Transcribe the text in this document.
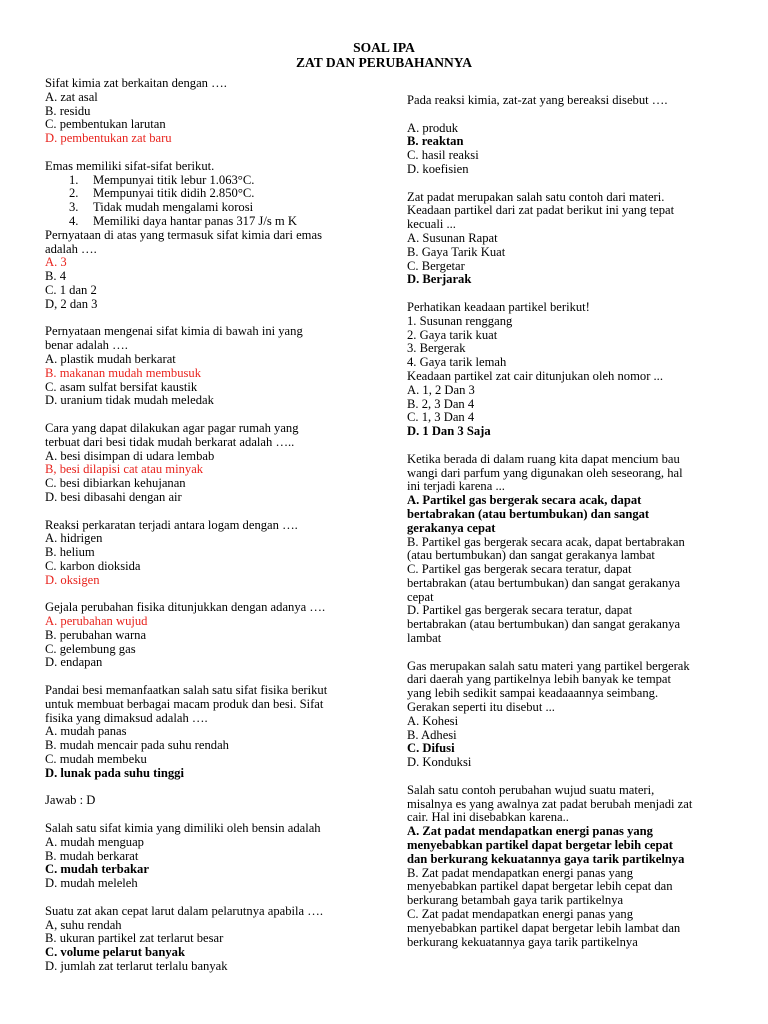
SOAL IPA
ZAT DAN PERUBAHANNYA
Sifat kimia zat berkaitan dengan ….
A. zat asal
B. residu
C. pembentukan larutan
D. pembentukan zat baru
Emas memiliki sifat-sifat berikut.
1. Mempunyai titik lebur 1.063°C.
2. Mempunyai titik didih 2.850°C.
3. Tidak mudah mengalami korosi
4. Memiliki daya hantar panas 317 J/s m K
Pernyataan di atas yang termasuk sifat kimia dari emas
adalah ….
A. 3
B. 4
C. 1 dan 2
D, 2 dan 3
Pernyataan mengenai sifat kimia di bawah ini yang
benar adalah ….
A. plastik mudah berkarat
B. makanan mudah membusuk
C. asam sulfat bersifat kaustik
D. uranium tidak mudah meledak
Cara yang dapat dilakukan agar pagar rumah yang
terbuat dari besi tidak mudah berkarat adalah …..
A. besi disimpan di udara lembab
B, besi dilapisi cat atau minyak
C. besi dibiarkan kehujanan
D. besi dibasahi dengan air
Reaksi perkaratan terjadi antara logam dengan ….
A. hidrigen
B. helium
C. karbon dioksida
D. oksigen
Gejala perubahan fisika ditunjukkan dengan adanya ….
A. perubahan wujud
B. perubahan warna
C. gelembung gas
D. endapan
Pandai besi memanfaatkan salah satu sifat fisika berikut
untuk membuat berbagai macam produk dan besi. Sifat
fisika yang dimaksud adalah ….
A. mudah panas
B. mudah mencair pada suhu rendah
C. mudah membeku
D. lunak pada suhu tinggi
Jawab : D
Salah satu sifat kimia yang dimiliki oleh bensin adalah
A. mudah menguap
B. mudah berkarat
C. mudah terbakar
D. mudah meleleh
Suatu zat akan cepat larut dalam pelarutnya apabila ….
A, suhu rendah
B. ukuran partikel zat terlarut besar
C. volume pelarut banyak
D. jumlah zat terlarut terlalu banyak
Pada reaksi kimia, zat-zat yang bereaksi disebut ….
A. produk
B. reaktan
C. hasil reaksi
D. koefisien
Zat padat merupakan salah satu contoh dari materi.
Keadaan partikel dari zat padat berikut ini yang tepat
kecuali ...
A. Susunan Rapat
B. Gaya Tarik Kuat
C. Bergetar
D. Berjarak
Perhatikan keadaan partikel berikut!
1. Susunan renggang
2. Gaya tarik kuat
3. Bergerak
4. Gaya tarik lemah
Keadaan partikel zat cair ditunjukan oleh nomor ...
A. 1, 2 Dan 3
B. 2, 3 Dan 4
C. 1, 3 Dan 4
D. 1 Dan 3 Saja
Ketika berada di dalam ruang kita dapat mencium bau
wangi dari parfum yang digunakan oleh seseorang, hal
ini terjadi karena ...
A. Partikel gas bergerak secara acak, dapat
bertabrakan (atau bertumbukan) dan sangat
gerakanya cepat
B. Partikel gas bergerak secara acak, dapat bertabrakan
(atau bertumbukan) dan sangat gerakanya lambat
C. Partikel gas bergerak secara teratur, dapat
bertabrakan (atau bertumbukan) dan sangat gerakanya
cepat
D. Partikel gas bergerak secara teratur, dapat
bertabrakan (atau bertumbukan) dan sangat gerakanya
lambat
Gas merupakan salah satu materi yang partikel bergerak
dari daerah yang partikelnya lebih banyak ke tempat
yang lebih sedikit sampai keadaaannya seimbang.
Gerakan seperti itu disebut ...
A. Kohesi
B. Adhesi
C. Difusi
D. Konduksi
Salah satu contoh perubahan wujud suatu materi,
misalnya es yang awalnya zat padat berubah menjadi zat
cair. Hal ini disebabkan karena..
A. Zat padat mendapatkan energi panas yang
menyebabkan partikel dapat bergetar lebih cepat
dan berkurang kekuatannya gaya tarik partikelnya
B. Zat padat mendapatkan energi panas yang
menyebabkan partikel dapat bergetar lebih cepat dan
berkurang betambah gaya tarik partikelnya
C. Zat padat mendapatkan energi panas yang
menyebabkan partikel dapat bergetar lebih lambat dan
berkurang kekuatannya gaya tarik partikelnya
